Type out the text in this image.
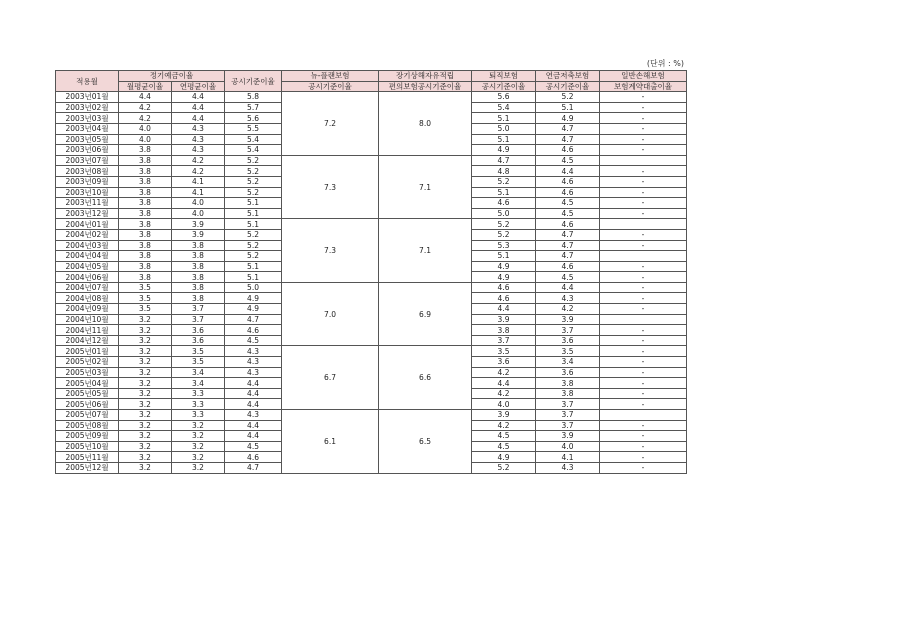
(단위 : %)
적용월	정기예금이율		공시기준이율	뉴-플랜보험	장기상해자유적립	퇴직보험	연금저축보험	일반손해보험
	월평균이율	연평균이율		공시기준이율	편의보험공시기준이율	공시기준이율	공시기준이율	보험계약대출이율
2003년01월	4.4	4.4	5.8	7.2	8.0	5.6	5.2	-
2003년02월	4.2	4.4	5.7			5.4	5.1	-
2003년03월	4.2	4.4	5.6			5.1	4.9	-
2003년04월	4.0	4.3	5.5			5.0	4.7	-
2003년05월	4.0	4.3	5.4			5.1	4.7	-
2003년06월	3.8	4.3	5.4			4.9	4.6	-
2003년07월	3.8	4.2	5.2	7.3	7.1	4.7	4.5	
2003년08월	3.8	4.2	5.2			4.8	4.4	-
2003년09월	3.8	4.1	5.2			5.2	4.6	-
2003년10월	3.8	4.1	5.2			5.1	4.6	-
2003년11월	3.8	4.0	5.1			4.6	4.5	-
2003년12월	3.8	4.0	5.1			5.0	4.5	-
2004년01월	3.8	3.9	5.1	7.3	7.1	5.2	4.6	
2004년02월	3.8	3.9	5.2			5.2	4.7	-
2004년03월	3.8	3.8	5.2			5.3	4.7	-
2004년04월	3.8	3.8	5.2			5.1	4.7	
2004년05월	3.8	3.8	5.1			4.9	4.6	-
2004년06월	3.8	3.8	5.1			4.9	4.5	-
2004년07월	3.5	3.8	5.0	7.0	6.9	4.6	4.4	-
2004년08월	3.5	3.8	4.9			4.6	4.3	-
2004년09월	3.5	3.7	4.9			4.4	4.2	-
2004년10월	3.2	3.7	4.7			3.9	3.9	
2004년11월	3.2	3.6	4.6			3.8	3.7	-
2004년12월	3.2	3.6	4.5			3.7	3.6	-
2005년01월	3.2	3.5	4.3	6.7	6.6	3.5	3.5	-
2005년02월	3.2	3.5	4.3			3.6	3.4	-
2005년03월	3.2	3.4	4.3			4.2	3.6	-
2005년04월	3.2	3.4	4.4			4.4	3.8	-
2005년05월	3.2	3.3	4.4			4.2	3.8	-
2005년06월	3.2	3.3	4.4			4.0	3.7	-
2005년07월	3.2	3.3	4.3	6.1	6.5	3.9	3.7	
2005년08월	3.2	3.2	4.4			4.2	3.7	-
2005년09월	3.2	3.2	4.4			4.5	3.9	-
2005년10월	3.2	3.2	4.5			4.5	4.0	-
2005년11월	3.2	3.2	4.6			4.9	4.1	-
2005년12월	3.2	3.2	4.7			5.2	4.3	-
